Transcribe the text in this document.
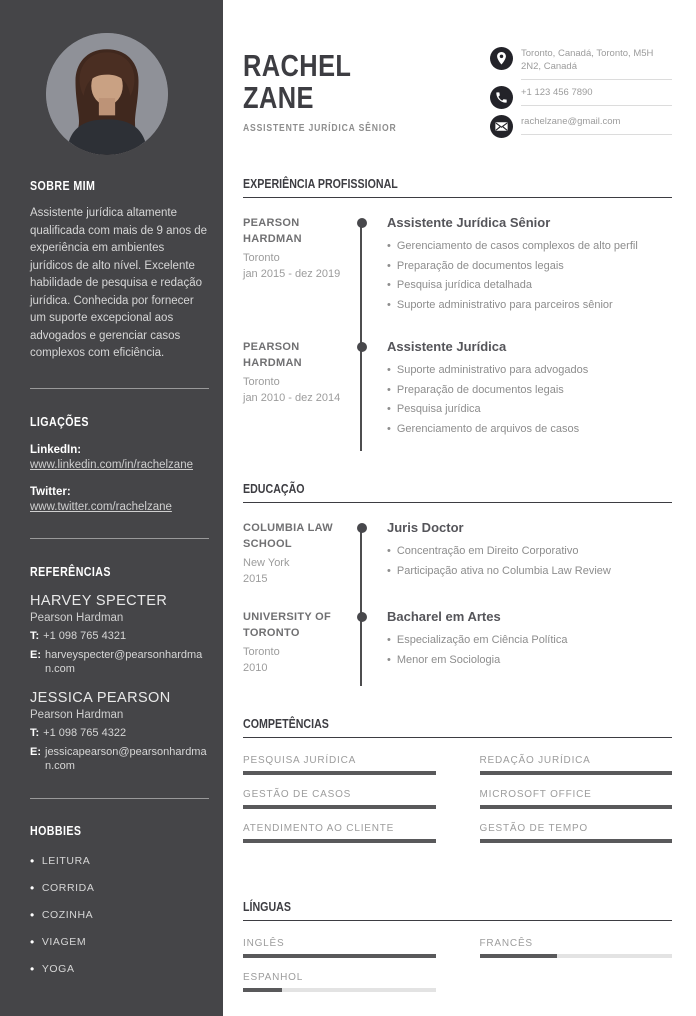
SOBRE MIM

Assistente jurídica altamente qualificada com mais de 9 anos de experiência em ambientes jurídicos de alto nível. Excelente habilidade de pesquisa e redação jurídica. Conhecida por fornecer um suporte excepcional aos advogados e gerenciar casos complexos com eficiência.

LIGAÇÕES
LinkedIn:
www.linkedin.com/in/rachelzane
Twitter:
www.twitter.com/rachelzane
REFERÊNCIAS
HARVEY SPECTER
Pearson Hardman
T: +1 098 765 4321
E: harveyspecter@pearsonhardman.com
JESSICA PEARSON
Pearson Hardman
T: +1 098 765 4322
E: jessicapearson@pearsonhardman.com
HOBBIES
• LEITURA
• CORRIDA
• COZINHA
• VIAGEM
• YOGA
RACHEL
ZANE
ASSISTENTE JURÍDICA SÊNIOR
Toronto, Canadá, Toronto, M5H 2N2, Canadá
+1 123 456 7890
rachelzane@gmail.com
EXPERIÊNCIA PROFISSIONAL
PEARSON HARDMAN
Toronto
jan 2015 - dez 2019
Assistente Jurídica Sênior
• Gerenciamento de casos complexos de alto perfil
• Preparação de documentos legais
• Pesquisa jurídica detalhada
• Suporte administrativo para parceiros sênior
PEARSON HARDMAN
Toronto
jan 2010 - dez 2014
Assistente Jurídica
• Suporte administrativo para advogados
• Preparação de documentos legais
• Pesquisa jurídica
• Gerenciamento de arquivos de casos
EDUCAÇÃO
COLUMBIA LAW SCHOOL
New York
2015
Juris Doctor
• Concentração em Direito Corporativo
• Participação ativa no Columbia Law Review
UNIVERSITY OF TORONTO
Toronto
2010
Bacharel em Artes
• Especialização em Ciência Política
• Menor em Sociologia
COMPETÊNCIAS
PESQUISA JURÍDICA	REDAÇÃO JURÍDICA
GESTÃO DE CASOS	MICROSOFT OFFICE
ATENDIMENTO AO CLIENTE	GESTÃO DE TEMPO
LÍNGUAS
INGLÊS	FRANCÊS
ESPANHOL
